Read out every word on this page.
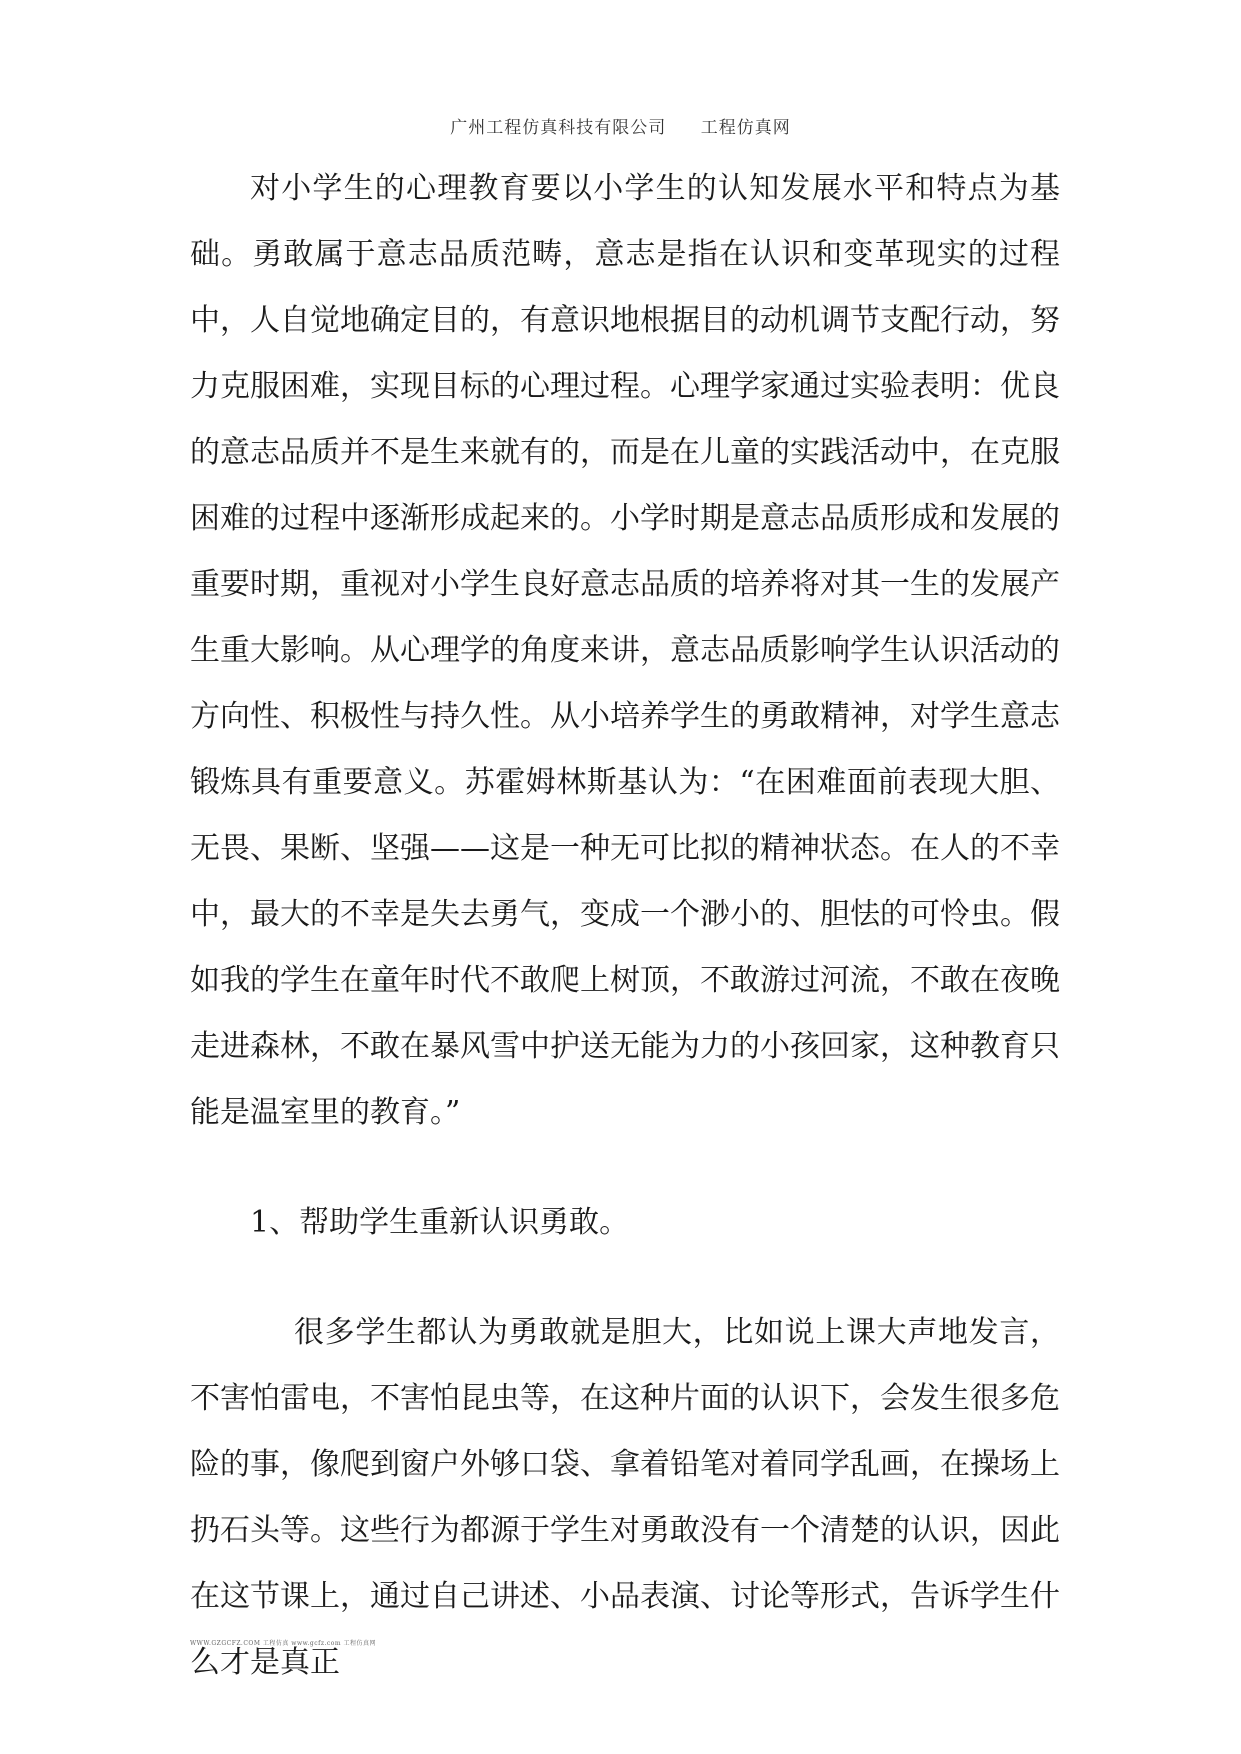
广州工程仿真科技有限公司 工程仿真网

对小学生的心理教育要以小学生的认知发展水平和特点为基础。勇敢属于意志品质范畴，意志是指在认识和变革现实的过程中，人自觉地确定目的，有意识地根据目的动机调节支配行动，努力克服困难，实现目标的心理过程。心理学家通过实验表明：优良的意志品质并不是生来就有的，而是在儿童的实践活动中，在克服困难的过程中逐渐形成起来的。小学时期是意志品质形成和发展的重要时期，重视对小学生良好意志品质的培养将对其一生的发展产生重大影响。从心理学的角度来讲，意志品质影响学生认识活动的方向性、积极性与持久性。从小培养学生的勇敢精神，对学生意志锻炼具有重要意义。苏霍姆林斯基认为：“在困难面前表现大胆、无畏、果断、坚强——这是一种无可比拟的精神状态。在人的不幸中，最大的不幸是失去勇气，变成一个渺小的、胆怯的可怜虫。假如我的学生在童年时代不敢爬上树顶，不敢游过河流，不敢在夜晚走进森林，不敢在暴风雪中护送无能为力的小孩回家，这种教育只能是温室里的教育。”

1、帮助学生重新认识勇敢。

很多学生都认为勇敢就是胆大，比如说上课大声地发言，不害怕雷电，不害怕昆虫等，在这种片面的认识下，会发生很多危险的事，像爬到窗户外够口袋、拿着铅笔对着同学乱画，在操场上扔石头等。这些行为都源于学生对勇敢没有一个清楚的认识，因此在这节课上，通过自己讲述、小品表演、讨论等形式，告诉学生什么才是真正

WWW.GZGCFZ.COM 工程仿真 www.gcfz.com 工程仿真网
